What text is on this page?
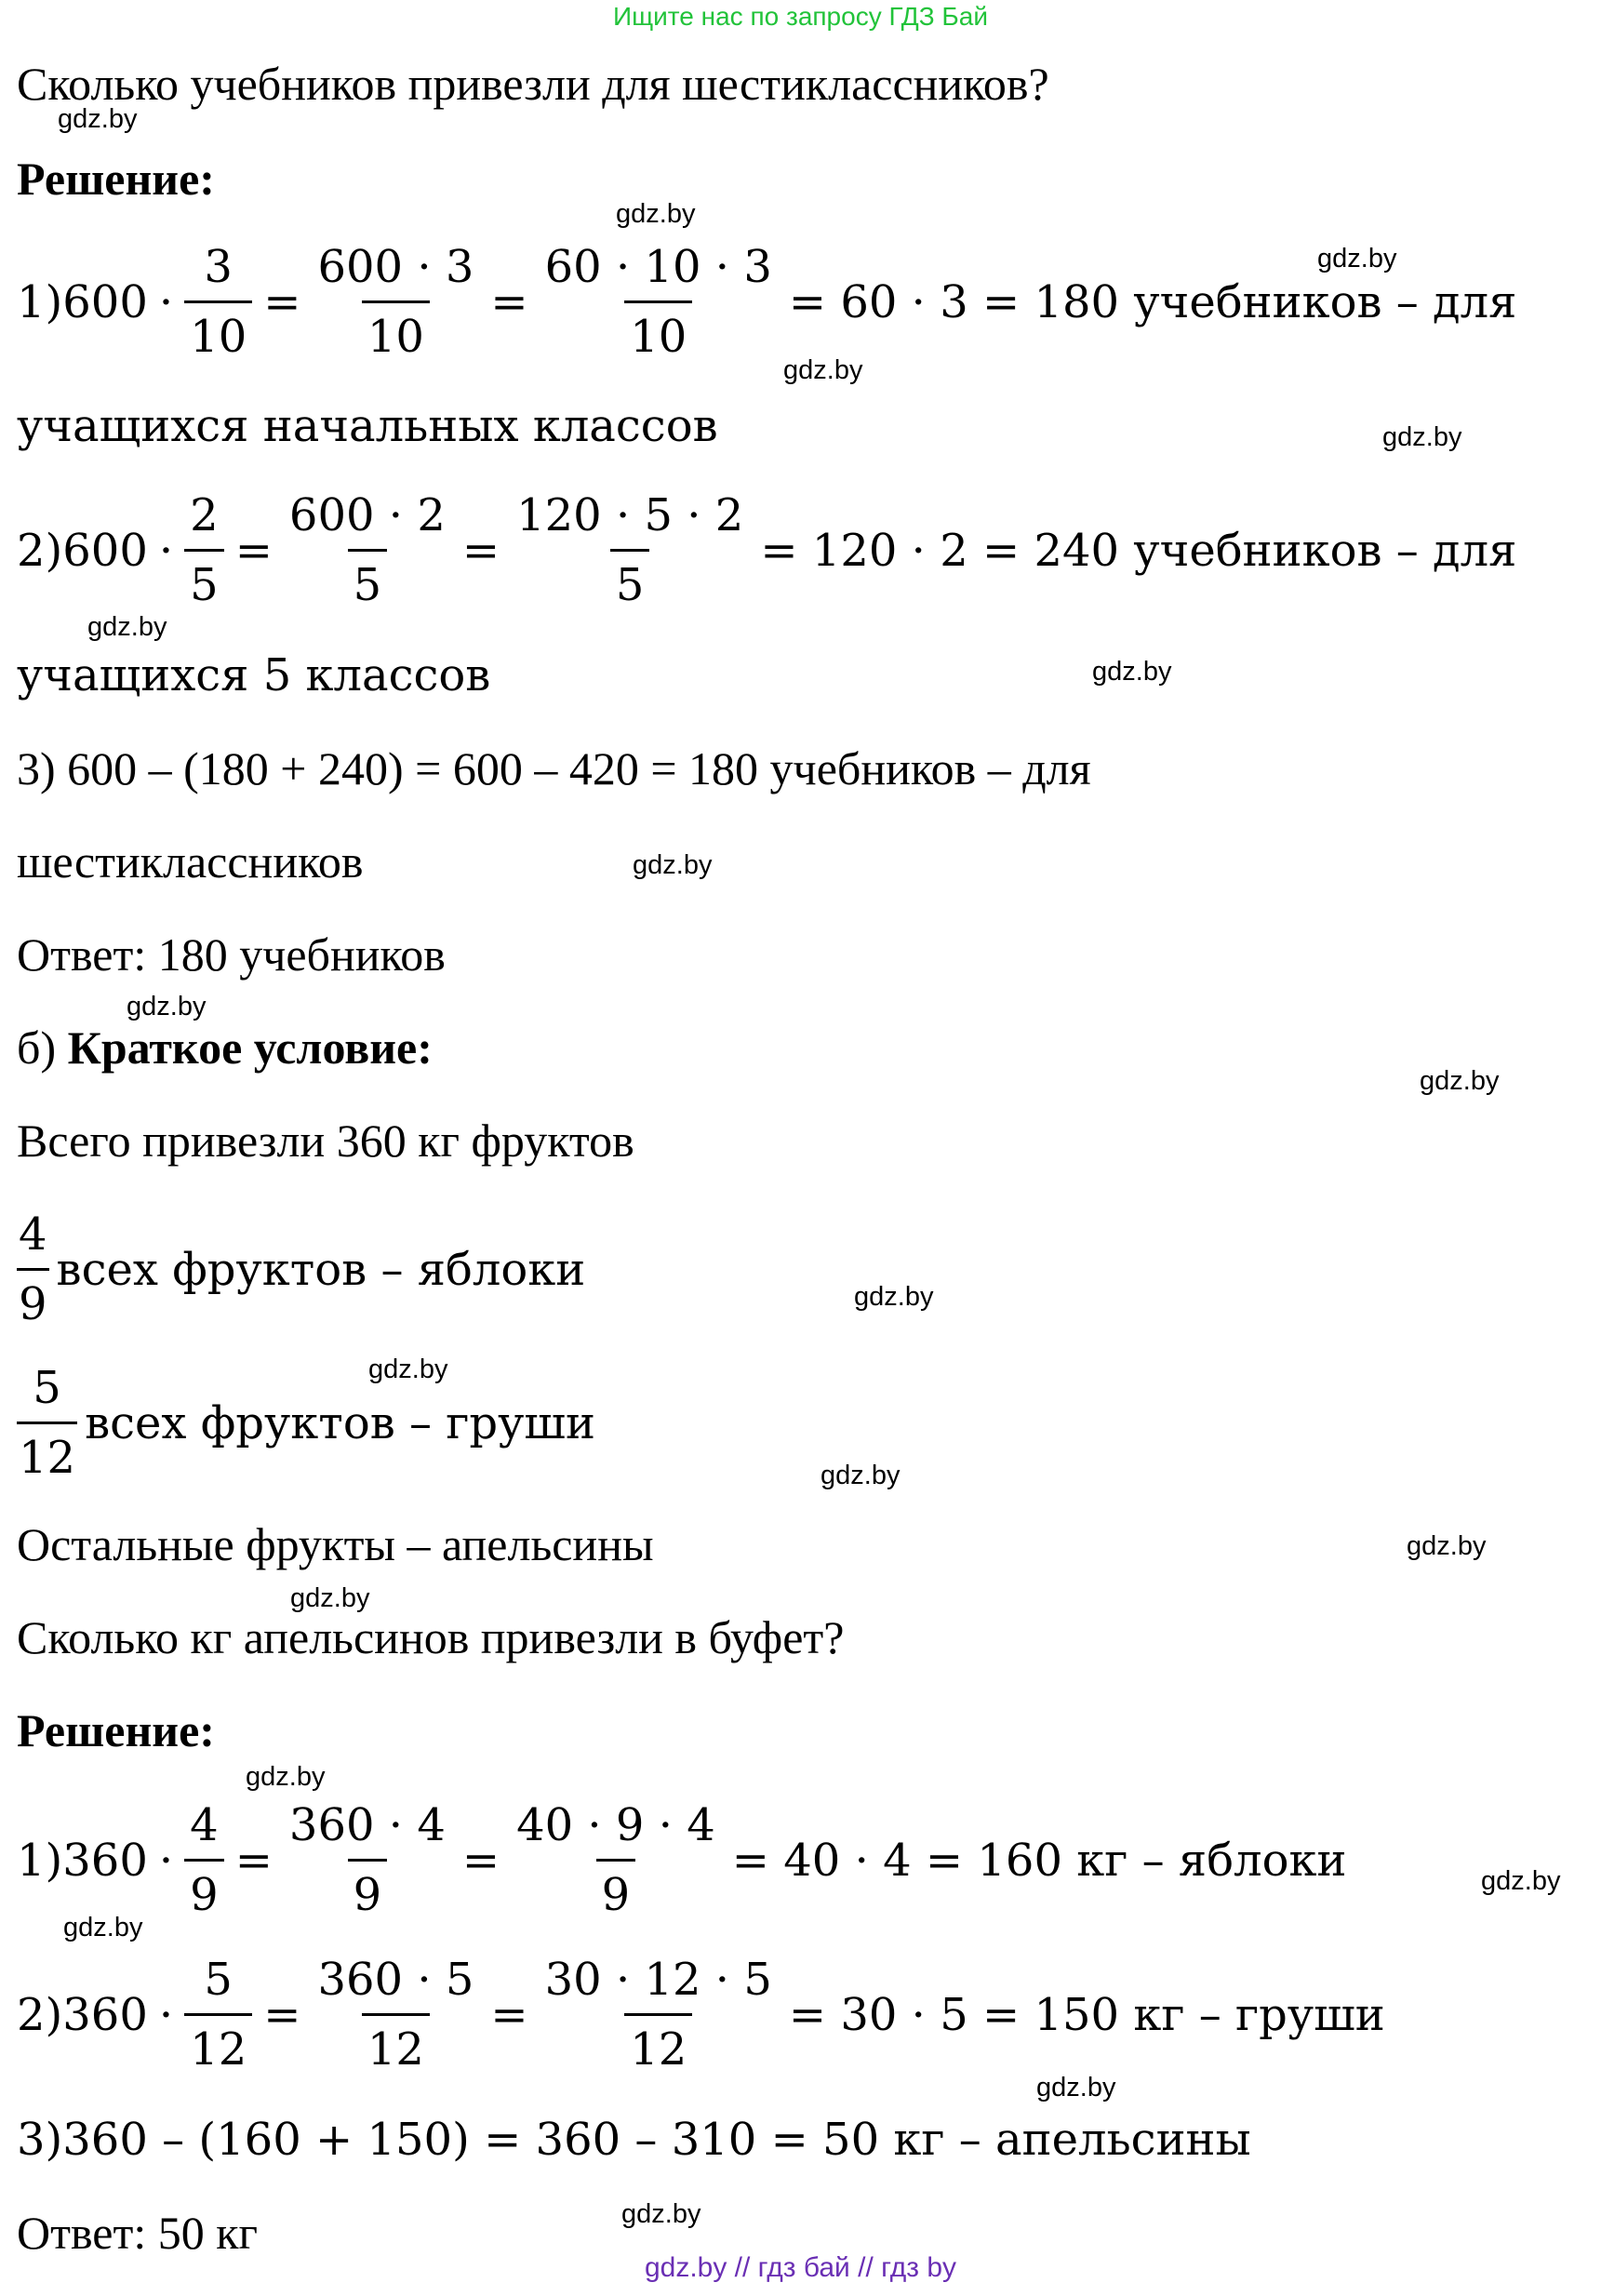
Ищите нас по запросу ГДЗ Бай
Сколько учебников привезли для шестиклассников?
Решение:
$1)600 \cdot \frac{3}{10} = \frac{600 \cdot 3}{10} = \frac{60 \cdot 10 \cdot 3}{10} = 60 \cdot 3 = 180$ учебников – для
учащихся начальных классов
$2)600 \cdot \frac{2}{5} = \frac{600 \cdot 2}{5} = \frac{120 \cdot 5 \cdot 2}{5} = 120 \cdot 2 = 240$ учебников – для
учащихся 5 классов
3) 600 – (180 + 240) = 600 – 420 = 180 учебников – для
шестиклассников
Ответ: 180 учебников
б) Краткое условие:
Всего привезли 360 кг фруктов
$\frac{4}{9}$ всех фруктов – яблоки
$\frac{5}{12}$ всех фруктов – груши
Остальные фрукты – апельсины
Сколько кг апельсинов привезли в буфет?
Решение:
$1)360 \cdot \frac{4}{9} = \frac{360 \cdot 4}{9} = \frac{40 \cdot 9 \cdot 4}{9} = 40 \cdot 4 = 160$ кг – яблоки
$2)360 \cdot \frac{5}{12} = \frac{360 \cdot 5}{12} = \frac{30 \cdot 12 \cdot 5}{12} = 30 \cdot 5 = 150$ кг – груши
3)360 – (160 + 150) = 360 – 310 = 50 кг – апельсины
Ответ: 50 кг
gdz.by
gdz.by
gdz.by
gdz.by
gdz.by
gdz.by
gdz.by
gdz.by
gdz.by
gdz.by
gdz.by
gdz.by
gdz.by
gdz.by
gdz.by
gdz.by
gdz.by
gdz.by
gdz.by
gdz.by
gdz.by // гдз бай // гдз by
